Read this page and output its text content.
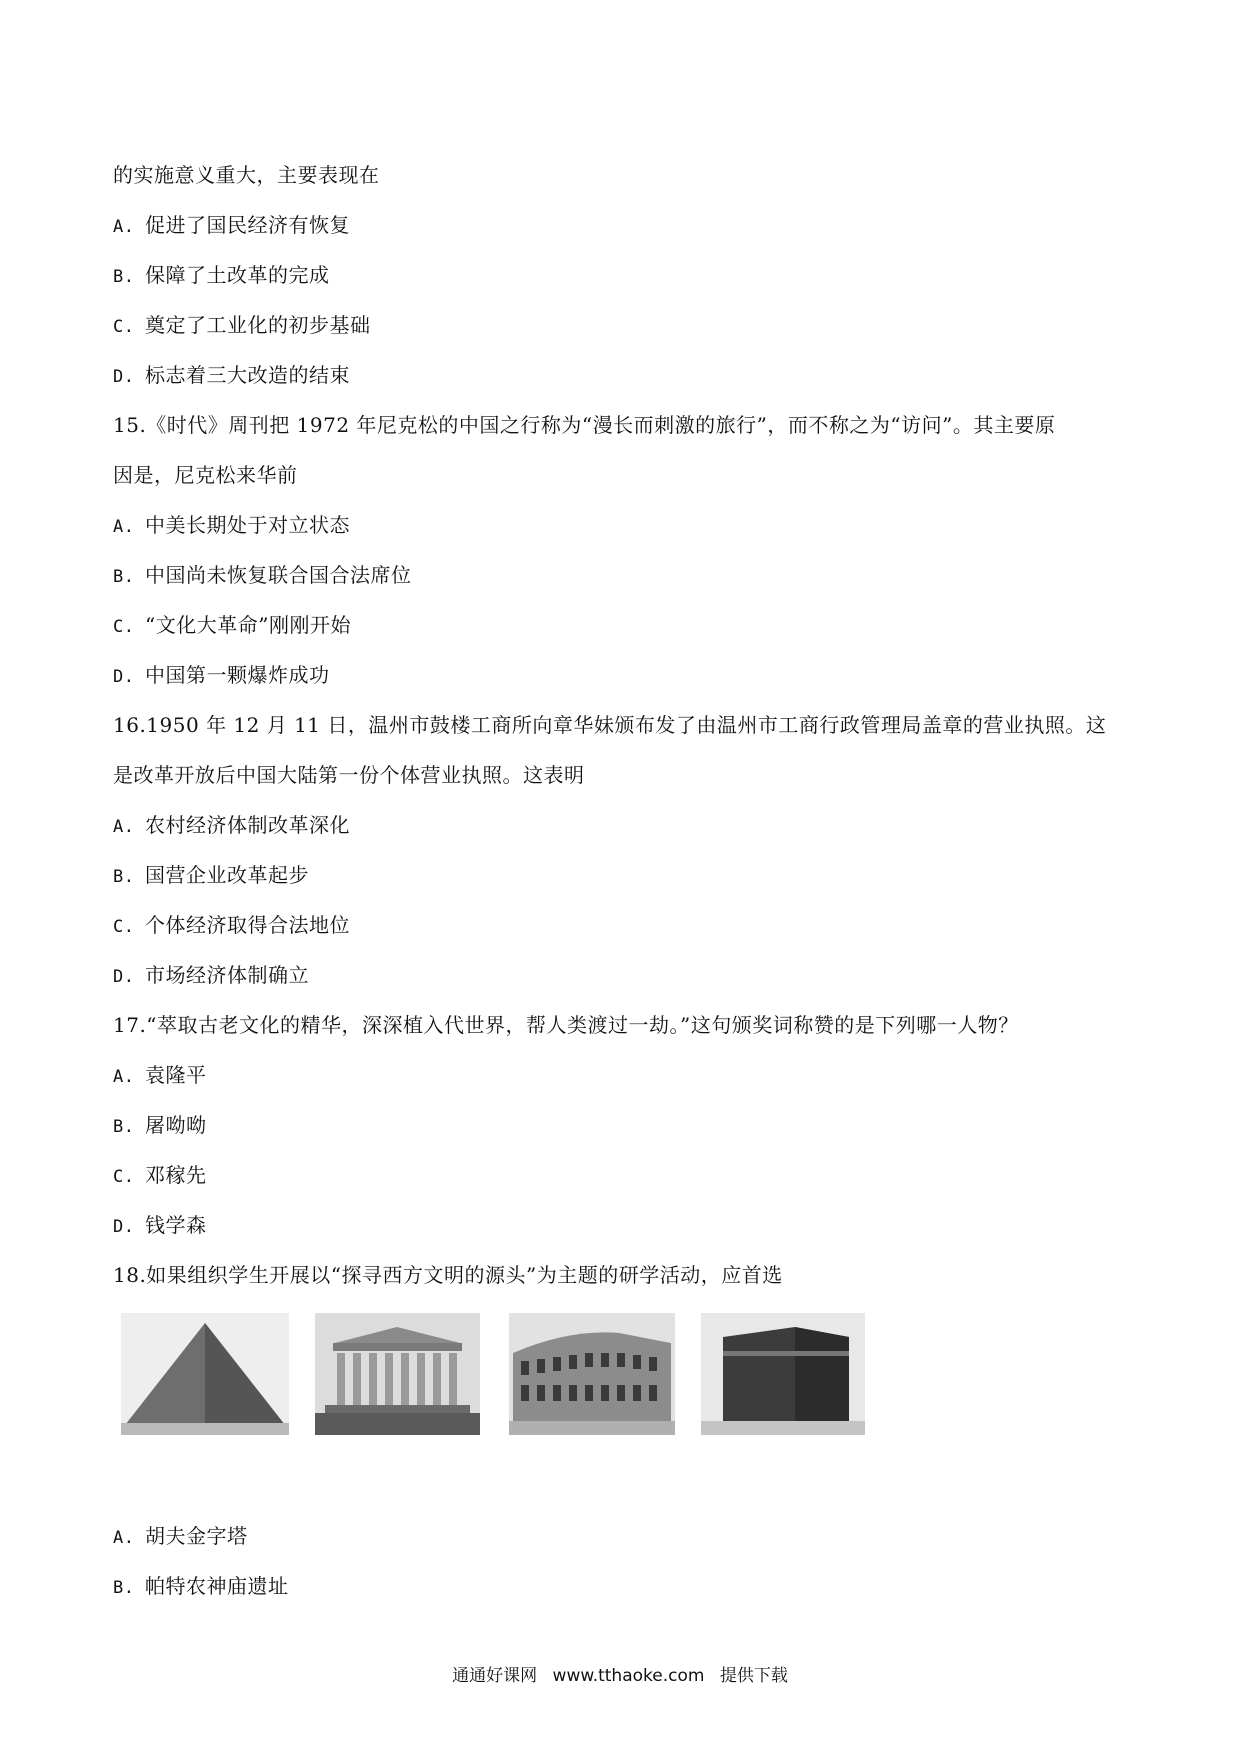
的实施意义重大，主要表现在
A. 促进了国民经济有恢复
B. 保障了土改革的完成
C. 奠定了工业化的初步基础
D. 标志着三大改造的结束
15.《时代》周刊把 1972 年尼克松的中国之行称为“漫长而刺激的旅行”，而不称之为“访问”。其主要原
因是，尼克松来华前
A. 中美长期处于对立状态
B. 中国尚未恢复联合国合法席位
C. “文化大革命”刚刚开始
D. 中国第一颗爆炸成功
16.1950 年 12 月 11 日，温州市鼓楼工商所向章华妹颁布发了由温州市工商行政管理局盖章的营业执照。这
是改革开放后中国大陆第一份个体营业执照。这表明
A. 农村经济体制改革深化
B. 国营企业改革起步
C. 个体经济取得合法地位
D. 市场经济体制确立
17.“萃取古老文化的精华，深深植入代世界，帮人类渡过一劫。”这句颁奖词称赞的是下列哪一人物？
A. 袁隆平
B. 屠呦呦
C. 邓稼先
D. 钱学森
18.如果组织学生开展以“探寻西方文明的源头”为主题的研学活动，应首选
A. 胡夫金字塔
B. 帕特农神庙遗址
通通好课网 www.tthaoke.com 提供下载
